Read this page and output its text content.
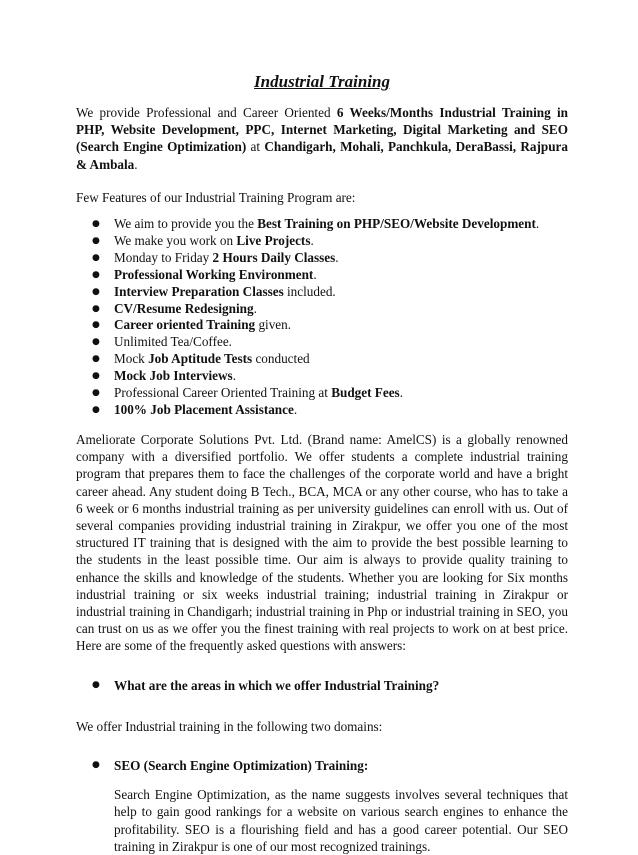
Industrial Training

We provide Professional and Career Oriented 6 Weeks/Months Industrial Training in PHP, Website Development, PPC, Internet Marketing, Digital Marketing and SEO (Search Engine Optimization) at Chandigarh, Mohali, Panchkula, DeraBassi, Rajpura & Ambala.

Few Features of our Industrial Training Program are:

● We aim to provide you the Best Training on PHP/SEO/Website Development.
● We make you work on Live Projects.
● Monday to Friday 2 Hours Daily Classes.
● Professional Working Environment.
● Interview Preparation Classes included.
● CV/Resume Redesigning.
● Career oriented Training given.
● Unlimited Tea/Coffee.
● Mock Job Aptitude Tests conducted
● Mock Job Interviews.
● Professional Career Oriented Training at Budget Fees.
● 100% Job Placement Assistance.

Ameliorate Corporate Solutions Pvt. Ltd. (Brand name: AmelCS) is a globally renowned company with a diversified portfolio. We offer students a complete industrial training program that prepares them to face the challenges of the corporate world and have a bright career ahead. Any student doing B Tech., BCA, MCA or any other course, who has to take a 6 week or 6 months industrial training as per university guidelines can enroll with us. Out of several companies providing industrial training in Zirakpur, we offer you one of the most structured IT training that is designed with the aim to provide the best possible learning to the students in the least possible time. Our aim is always to provide quality training to enhance the skills and knowledge of the students. Whether you are looking for Six months industrial training or six weeks industrial training; industrial training in Zirakpur or industrial training in Chandigarh; industrial training in Php or industrial training in SEO, you can trust on us as we offer you the finest training with real projects to work on at best price. Here are some of the frequently asked questions with answers:

● What are the areas in which we offer Industrial Training?

We offer Industrial training in the following two domains:

● SEO (Search Engine Optimization) Training:

Search Engine Optimization, as the name suggests involves several techniques that help to gain good rankings for a website on various search engines to enhance the profitability. SEO is a flourishing field and has a good career potential. Our SEO training in Zirakpur is one of our most recognized trainings.
